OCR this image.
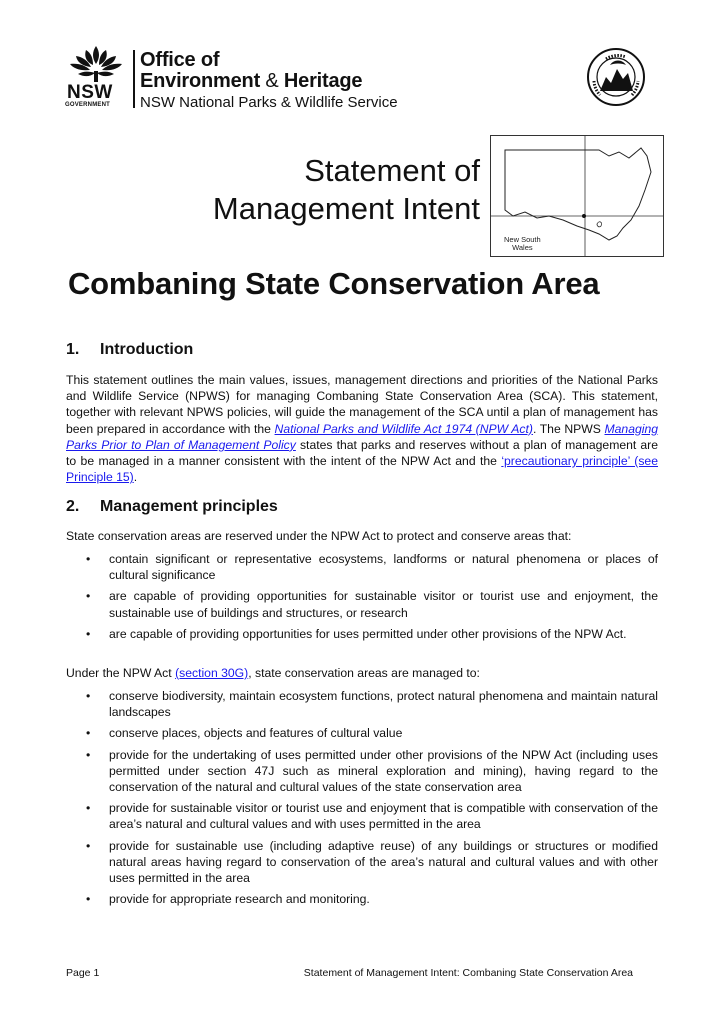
NSW
GOVERNMENT
Office of
Environment & Heritage
NSW National Parks & Wildlife Service
Statement of
Management Intent
New South
Wales
Combaning State Conservation Area
1. Introduction
This statement outlines the main values, issues, management directions and priorities of the National Parks and Wildlife Service (NPWS) for managing Combaning State Conservation Area (SCA). This statement, together with relevant NPWS policies, will guide the management of the SCA until a plan of management has been prepared in accordance with the National Parks and Wildlife Act 1974 (NPW Act). The NPWS Managing Parks Prior to Plan of Management Policy states that parks and reserves without a plan of management are to be managed in a manner consistent with the intent of the NPW Act and the ‘precautionary principle’ (see Principle 15).
2. Management principles
State conservation areas are reserved under the NPW Act to protect and conserve areas that:
• contain significant or representative ecosystems, landforms or natural phenomena or places of cultural significance
• are capable of providing opportunities for sustainable visitor or tourist use and enjoyment, the sustainable use of buildings and structures, or research
• are capable of providing opportunities for uses permitted under other provisions of the NPW Act.
Under the NPW Act (section 30G), state conservation areas are managed to:
• conserve biodiversity, maintain ecosystem functions, protect natural phenomena and maintain natural landscapes
• conserve places, objects and features of cultural value
• provide for the undertaking of uses permitted under other provisions of the NPW Act (including uses permitted under section 47J such as mineral exploration and mining), having regard to the conservation of the natural and cultural values of the state conservation area
• provide for sustainable visitor or tourist use and enjoyment that is compatible with conservation of the area’s natural and cultural values and with uses permitted in the area
• provide for sustainable use (including adaptive reuse) of any buildings or structures or modified natural areas having regard to conservation of the area’s natural and cultural values and with other uses permitted in the area
• provide for appropriate research and monitoring.
Page 1	Statement of Management Intent: Combaning State Conservation Area
